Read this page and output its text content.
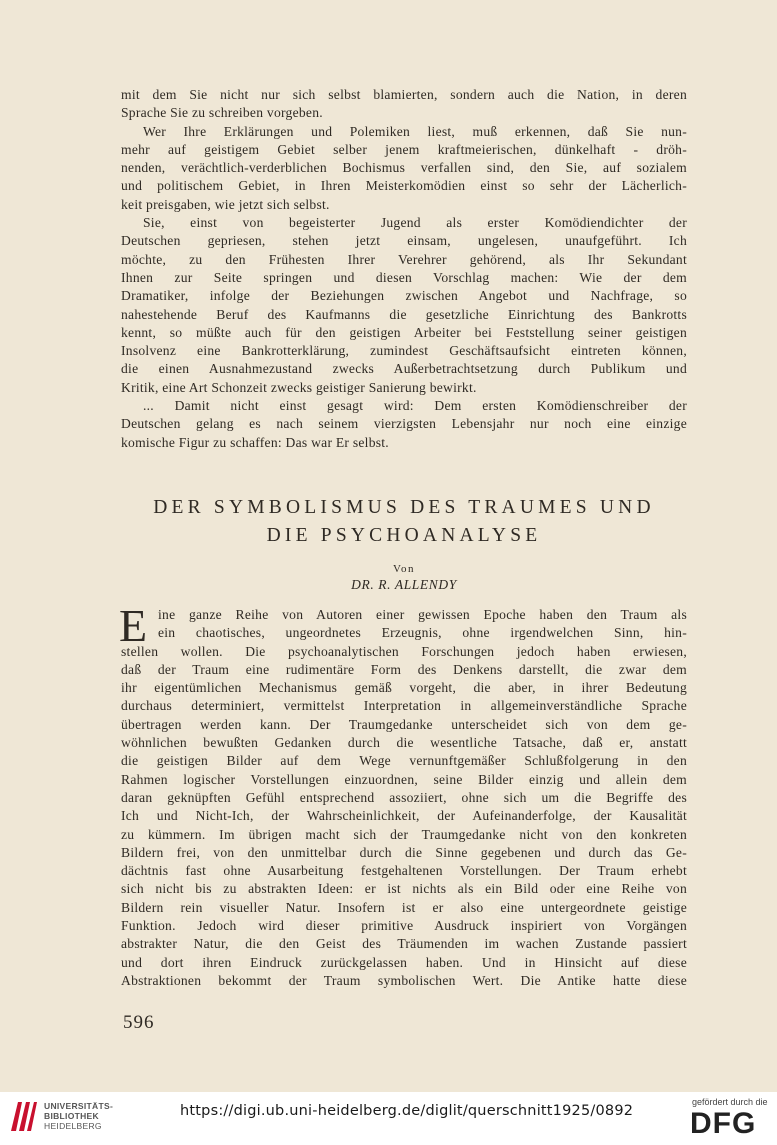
mit dem Sie nicht nur sich selbst blamierten, sondern auch die Nation, in deren
Sprache Sie zu schreiben vorgeben.

Wer Ihre Erklärungen und Polemiken liest, muß erkennen, daß Sie nun-
mehr auf geistigem Gebiet selber jenem kraftmeierischen, dünkelhaft - dröh-
nenden, verächtlich-verderblichen Bochismus verfallen sind, den Sie, auf sozialem
und politischem Gebiet, in Ihren Meisterkomödien einst so sehr der Lächerlich-
keit preisgaben, wie jetzt sich selbst.

Sie, einst von begeisterter Jugend als erster Komödiendichter der
Deutschen gepriesen, stehen jetzt einsam, ungelesen, unaufgeführt. Ich
möchte, zu den Frühesten Ihrer Verehrer gehörend, als Ihr Sekundant
Ihnen zur Seite springen und diesen Vorschlag machen: Wie der dem
Dramatiker, infolge der Beziehungen zwischen Angebot und Nachfrage, so
nahestehende Beruf des Kaufmanns die gesetzliche Einrichtung des Bankrotts
kennt, so müßte auch für den geistigen Arbeiter bei Feststellung seiner geistigen
Insolvenz eine Bankrotterklärung, zumindest Geschäftsaufsicht eintreten können,
die einen Ausnahmezustand zwecks Außerbetrachtsetzung durch Publikum und
Kritik, eine Art Schonzeit zwecks geistiger Sanierung bewirkt.

... Damit nicht einst gesagt wird: Dem ersten Komödienschreiber der
Deutschen gelang es nach seinem vierzigsten Lebensjahr nur noch eine einzige
komische Figur zu schaffen: Das war Er selbst.

DER SYMBOLISMUS DES TRAUMES UND
DIE PSYCHOANALYSE
Von
DR. R. ALLENDY
E ine ganze Reihe von Autoren einer gewissen Epoche haben den Traum als
ein chaotisches, ungeordnetes Erzeugnis, ohne irgendwelchen Sinn, hin-
stellen wollen. Die psychoanalytischen Forschungen jedoch haben erwiesen,
daß der Traum eine rudimentäre Form des Denkens darstellt, die zwar dem
ihr eigentümlichen Mechanismus gemäß vorgeht, die aber, in ihrer Bedeutung
durchaus determiniert, vermittelst Interpretation in allgemeinverständliche Sprache
übertragen werden kann. Der Traumgedanke unterscheidet sich von dem ge-
wöhnlichen bewußten Gedanken durch die wesentliche Tatsache, daß er, anstatt
die geistigen Bilder auf dem Wege vernunftgemäßer Schlußfolgerung in den
Rahmen logischer Vorstellungen einzuordnen, seine Bilder einzig und allein dem
daran geknüpften Gefühl entsprechend assoziiert, ohne sich um die Begriffe des
Ich und Nicht-Ich, der Wahrscheinlichkeit, der Aufeinanderfolge, der Kausalität
zu kümmern. Im übrigen macht sich der Traumgedanke nicht von den konkreten
Bildern frei, von den unmittelbar durch die Sinne gegebenen und durch das Ge-
dächtnis fast ohne Ausarbeitung festgehaltenen Vorstellungen. Der Traum erhebt
sich nicht bis zu abstrakten Ideen: er ist nichts als ein Bild oder eine Reihe von
Bildern rein visueller Natur. Insofern ist er also eine untergeordnete geistige
Funktion. Jedoch wird dieser primitive Ausdruck inspiriert von Vorgängen
abstrakter Natur, die den Geist des Träumenden im wachen Zustande passiert
und dort ihren Eindruck zurückgelassen haben. Und in Hinsicht auf diese
Abstraktionen bekommt der Traum symbolischen Wert. Die Antike hatte diese

596
UNIVERSITÄTS-
BIBLIOTHEK
HEIDELBERG
https://digi.ub.uni-heidelberg.de/diglit/querschnitt1925/0892
gefördert durch die
DFG
